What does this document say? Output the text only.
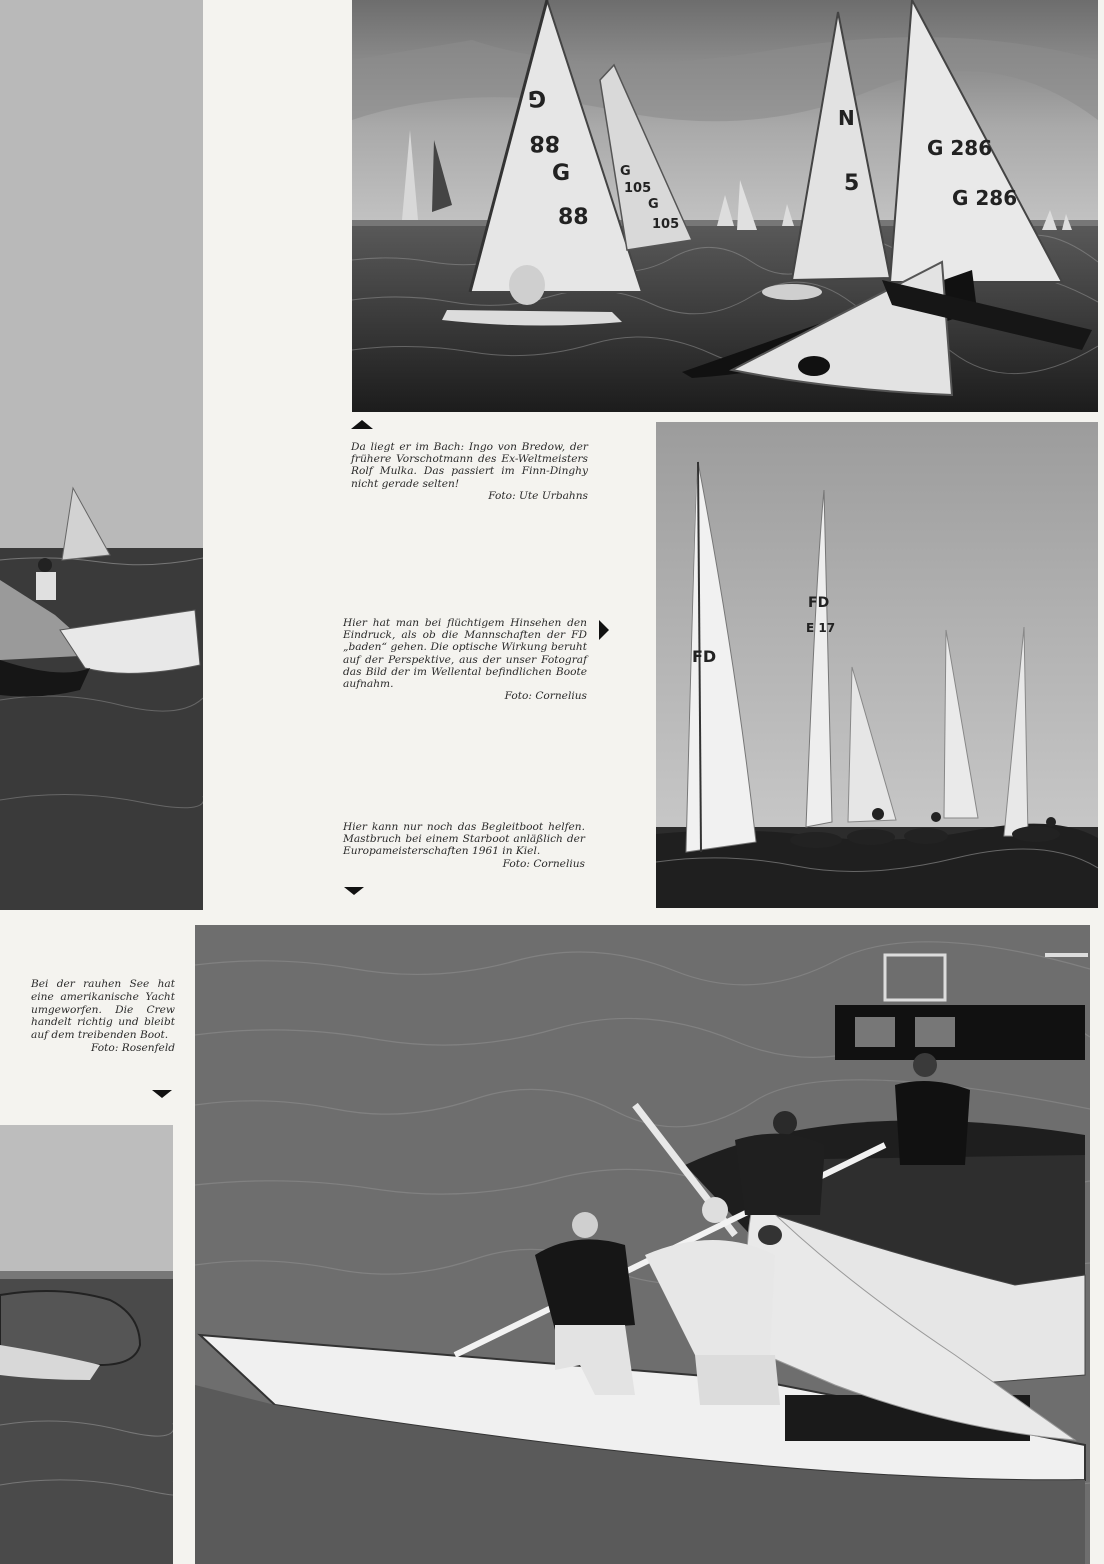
G
88
G
88
G
105
G
105
N
5
G 286
G 286
Da liegt er im Bach: Ingo von Bredow, der frühere Vorschotmann des Ex-Weltmeisters Rolf Mulka. Das passiert im Finn-Dinghy nicht gerade selten!
Foto: Ute Urbahns
FD
FD
E 17
Hier hat man bei flüchtigem Hinsehen den Eindruck, als ob die Mannschaften der FD „baden“ gehen. Die optische Wirkung beruht auf der Perspektive, aus der unser Fotograf das Bild der im Wellental befindlichen Boote aufnahm.
Foto: Cornelius
Hier kann nur noch das Begleitboot helfen. Mastbruch bei einem Starboot anläßlich der Europameisterschaften 1961 in Kiel.
Foto: Cornelius
Bei der rauhen See hat eine amerikanische Yacht umgeworfen. Die Crew handelt richtig und bleibt auf dem treibenden Boot.
Foto: Rosenfeld
